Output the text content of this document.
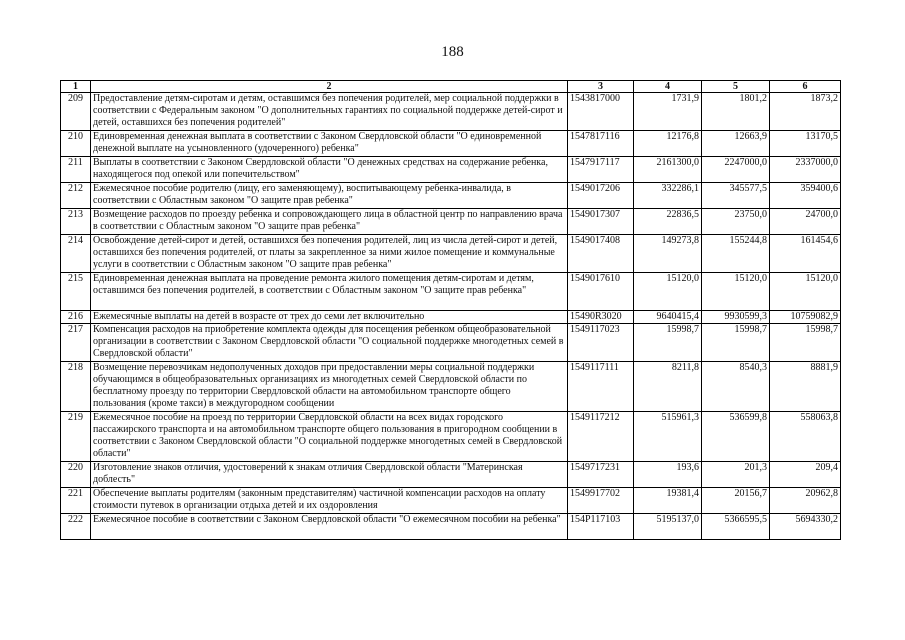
188
1	2	3	4	5	6
209	Предоставление детям-сиротам и детям, оставшимся без попечения родителей, мер социальной поддержки в соответствии с Федеральным законом "О дополнительных гарантиях по социальной поддержке детей-сирот и детей, оставшихся без попечения родителей"	1543817000	1731,9	1801,2	1873,2
210	Единовременная денежная выплата в соответствии с Законом Свердловской области "О единовременной денежной выплате на усыновленного (удочеренного) ребенка"	1547817116	12176,8	12663,9	13170,5
211	Выплаты в соответствии с Законом Свердловской области "О денежных средствах на содержание ребенка, находящегося под опекой или попечительством"	1547917117	2161300,0	2247000,0	2337000,0
212	Ежемесячное пособие родителю (лицу, его заменяющему), воспитывающему ребенка-инвалида, в соответствии с Областным законом "О защите прав ребенка"	1549017206	332286,1	345577,5	359400,6
213	Возмещение расходов по проезду ребенка и сопровождающего лица в областной центр по направлению врача в соответствии с Областным законом "О защите прав ребенка"	1549017307	22836,5	23750,0	24700,0
214	Освобождение детей-сирот и детей, оставшихся без попечения родителей, лиц из числа детей-сирот и детей, оставшихся без попечения родителей, от платы за закрепленное за ними жилое помещение и коммунальные услуги в соответствии с Областным законом "О защите прав ребенка"	1549017408	149273,8	155244,8	161454,6
215	Единовременная денежная выплата на проведение ремонта жилого помещения детям-сиротам и детям, оставшимся без попечения родителей, в соответствии с Областным законом "О защите прав ребенка"	1549017610	15120,0	15120,0	15120,0
216	Ежемесячные выплаты на детей в возрасте от трех до семи лет включительно	15490R3020	9640415,4	9930599,3	10759082,9
217	Компенсация расходов на приобретение комплекта одежды для посещения ребенком общеобразовательной организации в соответствии с Законом Свердловской области "О социальной поддержке многодетных семей в Свердловской области"	1549117023	15998,7	15998,7	15998,7
218	Возмещение перевозчикам недополученных доходов при предоставлении меры социальной поддержки обучающимся в общеобразовательных организациях из многодетных семей Свердловской области по бесплатному проезду по территории Свердловской области на автомобильном транспорте общего пользования (кроме такси) в междугородном сообщении	1549117111	8211,8	8540,3	8881,9
219	Ежемесячное пособие на проезд по территории Свердловской области на всех видах городского пассажирского транспорта и на автомобильном транспорте общего пользования в пригородном сообщении в соответствии с Законом Свердловской области "О социальной поддержке многодетных семей в Свердловской области"	1549117212	515961,3	536599,8	558063,8
220	Изготовление знаков отличия, удостоверений к знакам отличия Свердловской области "Материнская доблесть"	1549717231	193,6	201,3	209,4
221	Обеспечение выплаты родителям (законным представителям) частичной компенсации расходов на оплату стоимости путевок в организации отдыха детей и их оздоровления	1549917702	19381,4	20156,7	20962,8
222	Ежемесячное пособие в соответствии с Законом Свердловской области "О ежемесячном пособии на ребенка"	154P117103	5195137,0	5366595,5	5694330,2
